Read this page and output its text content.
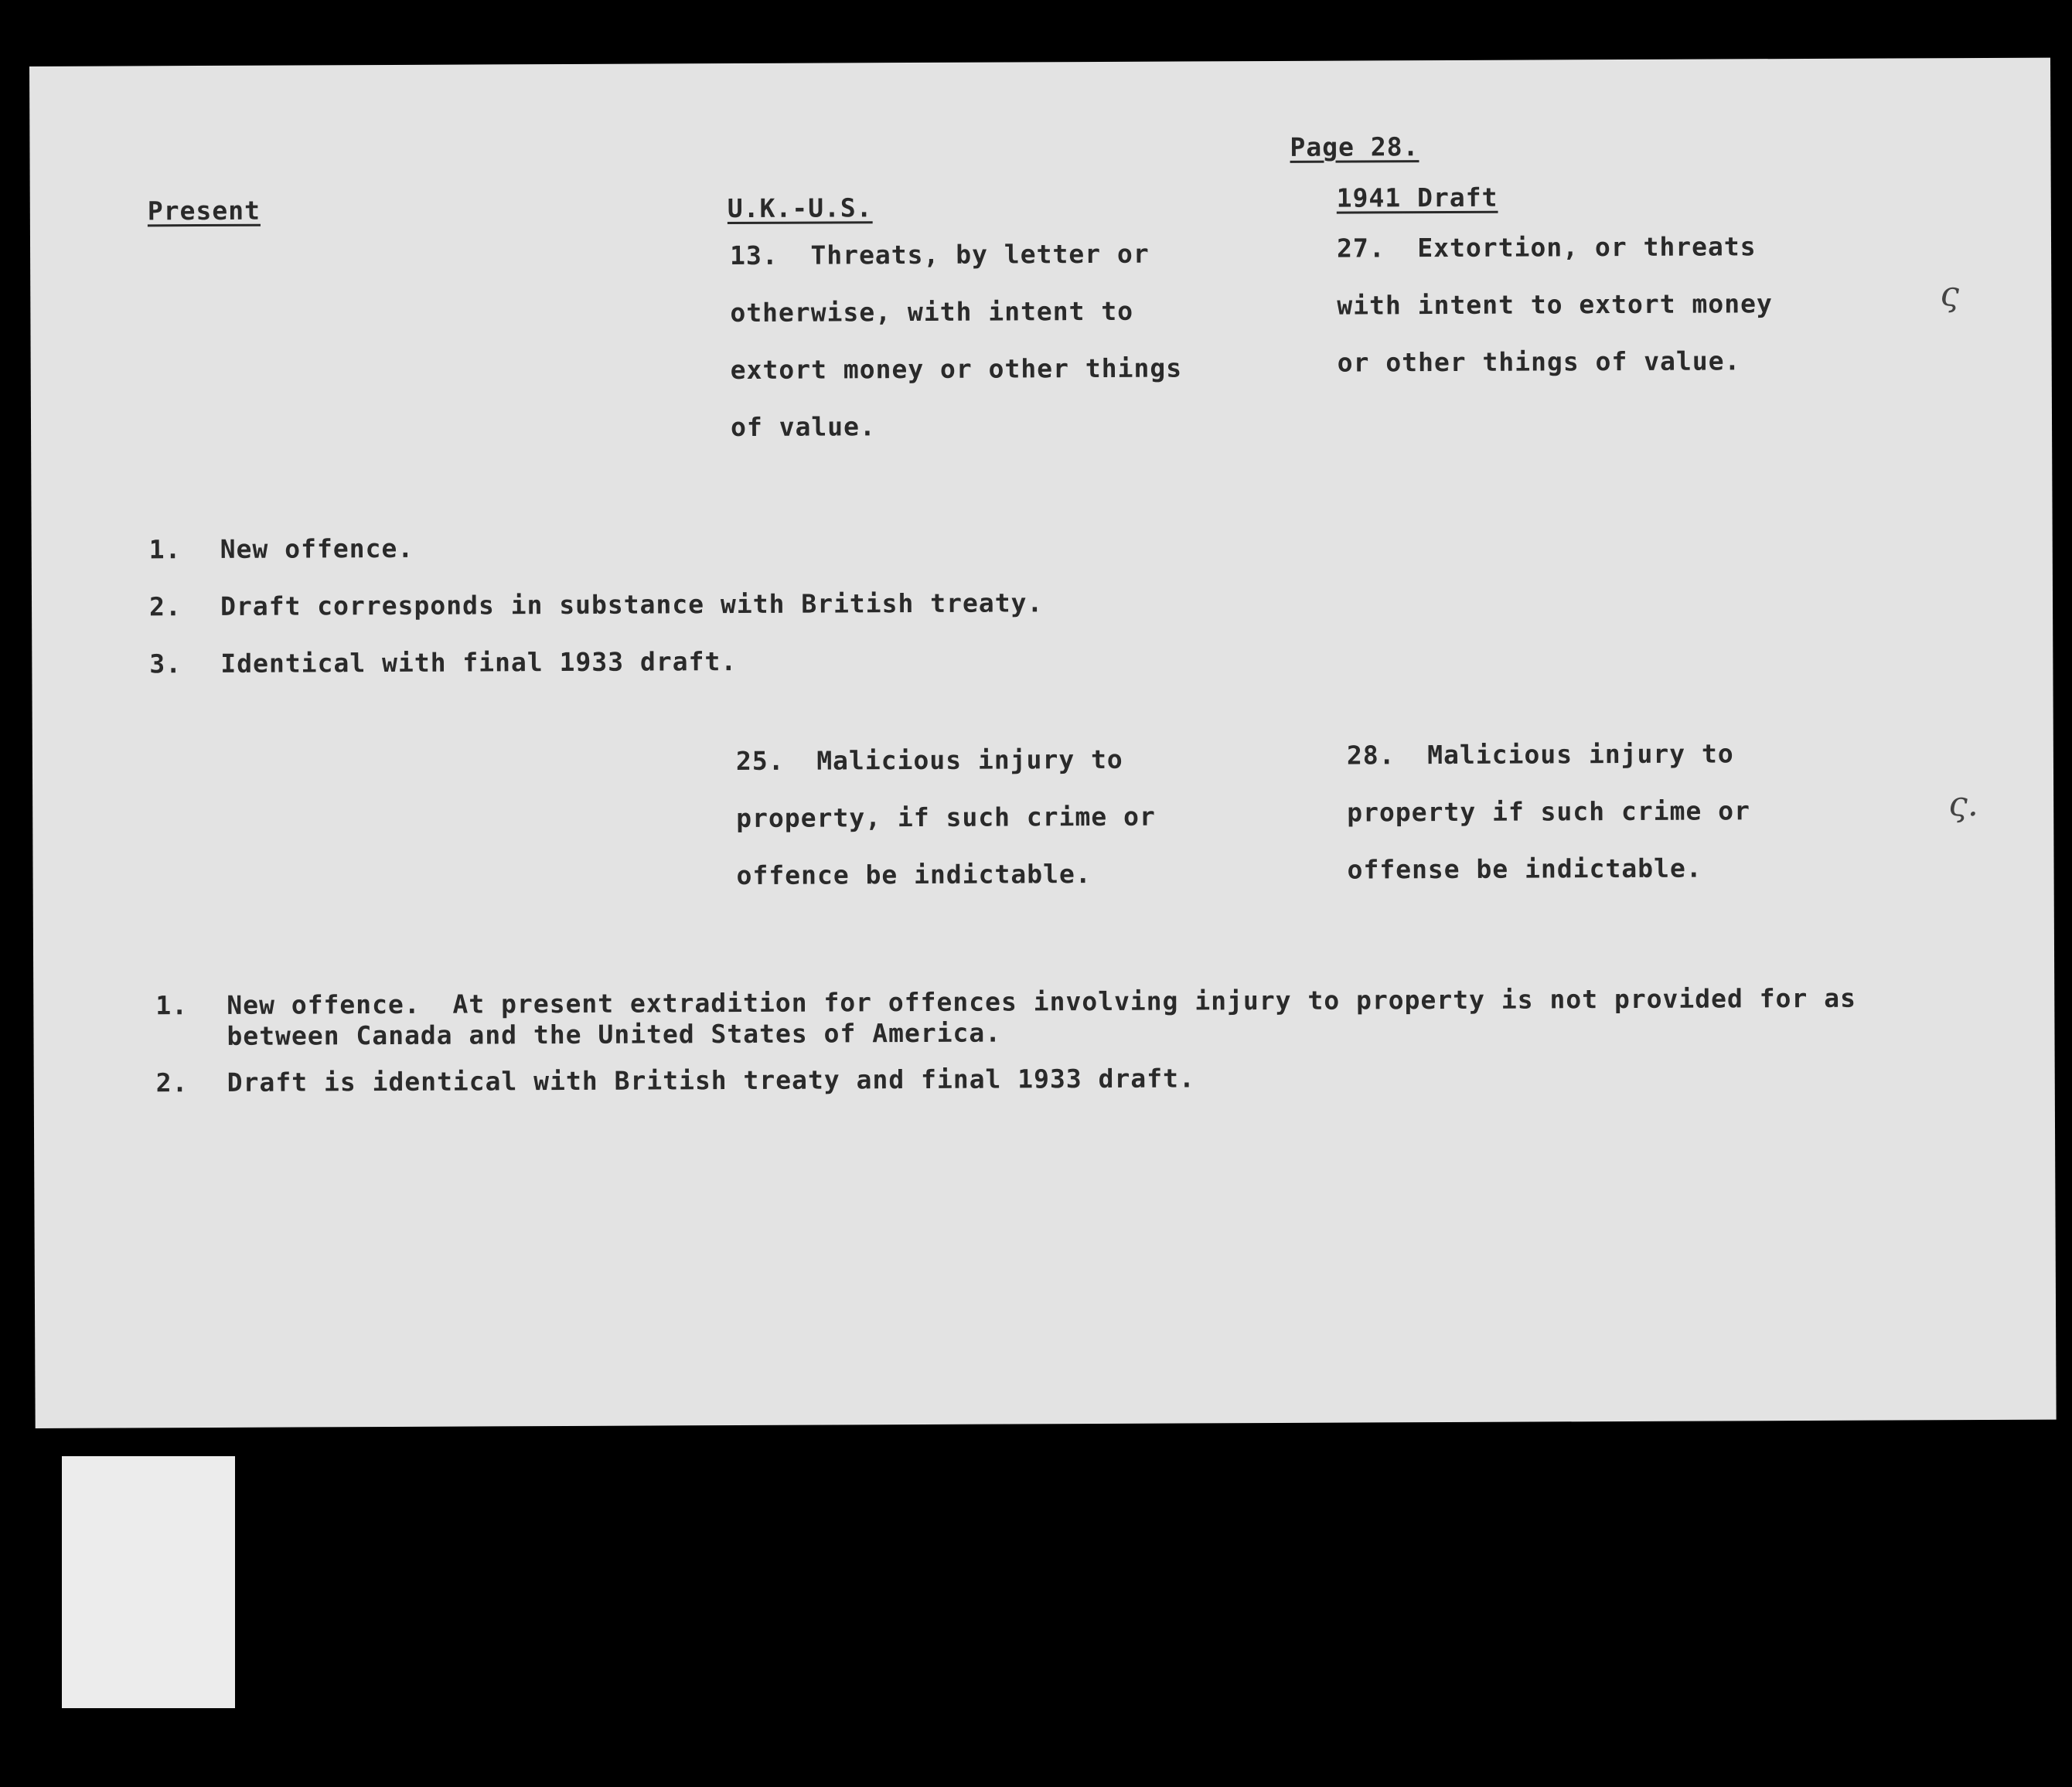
Page 28.
Present	U.K.-U.S.	1941 Draft
13.  Threats, by letter or
otherwise, with intent to
extort money or other things
of value.
27.  Extortion, or threats
with intent to extort money
or other things of value.
ς

1.

New offence.

2.

Draft corresponds in substance with British treaty.

3.

Identical with final 1933 draft.

25.  Malicious injury to
property, if such crime or
offence be indictable.
28.  Malicious injury to
property if such crime or
offense be indictable.
ς.

1.

New offence.  At present extradition for offences involving injury to property is not provided for as
between Canada and the United States of America.

2.

Draft is identical with British treaty and final 1933 draft.
